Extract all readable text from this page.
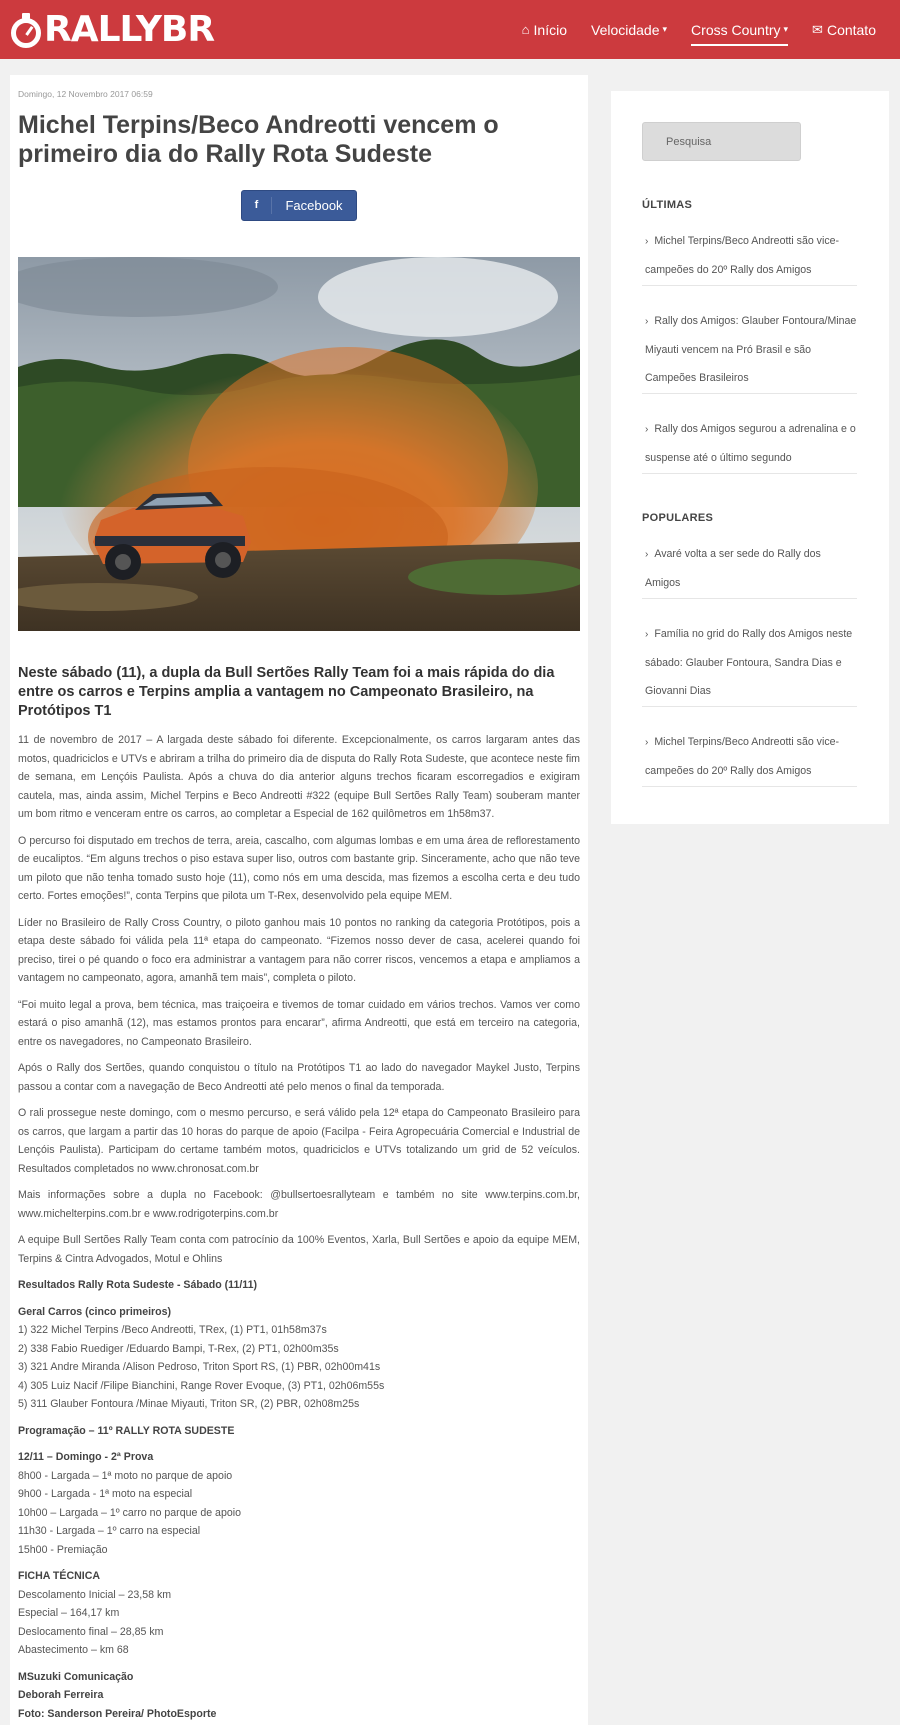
RALLYBR	⌂ Início Velocidade ▾ Cross Country ▾ ✉ Contato
Domingo, 12 Novembro 2017 06:59
Michel Terpins/Beco Andreotti vencem o primeiro dia do Rally Rota Sudeste
f	Facebook
Neste sábado (11), a dupla da Bull Sertões Rally Team foi a mais rápida do dia entre os carros e Terpins amplia a vantagem no Campeonato Brasileiro, na Protótipos T1

11 de novembro de 2017 – A largada deste sábado foi diferente. Excepcionalmente, os carros largaram antes das motos, quadriciclos e UTVs e abriram a trilha do primeiro dia de disputa do Rally Rota Sudeste, que acontece neste fim de semana, em Lençóis Paulista. Após a chuva do dia anterior alguns trechos ficaram escorregadios e exigiram cautela, mas, ainda assim, Michel Terpins e Beco Andreotti #322 (equipe Bull Sertões Rally Team) souberam manter um bom ritmo e venceram entre os carros, ao completar a Especial de 162 quilômetros em 1h58m37.

O percurso foi disputado em trechos de terra, areia, cascalho, com algumas lombas e em uma área de reflorestamento de eucaliptos. “Em alguns trechos o piso estava super liso, outros com bastante grip. Sinceramente, acho que não teve um piloto que não tenha tomado susto hoje (11), como nós em uma descida, mas fizemos a escolha certa e deu tudo certo. Fortes emoções!”, conta Terpins que pilota um T-Rex, desenvolvido pela equipe MEM.

Líder no Brasileiro de Rally Cross Country, o piloto ganhou mais 10 pontos no ranking da categoria Protótipos, pois a etapa deste sábado foi válida pela 11ª etapa do campeonato. “Fizemos nosso dever de casa, acelerei quando foi preciso, tirei o pé quando o foco era administrar a vantagem para não correr riscos, vencemos a etapa e ampliamos a vantagem no campeonato, agora, amanhã tem mais”, completa o piloto.

“Foi muito legal a prova, bem técnica, mas traiçoeira e tivemos de tomar cuidado em vários trechos. Vamos ver como estará o piso amanhã (12), mas estamos prontos para encarar”, afirma Andreotti, que está em terceiro na categoria, entre os navegadores, no Campeonato Brasileiro.

Após o Rally dos Sertões, quando conquistou o título na Protótipos T1 ao lado do navegador Maykel Justo, Terpins passou a contar com a navegação de Beco Andreotti até pelo menos o final da temporada.

O rali prossegue neste domingo, com o mesmo percurso, e será válido pela 12ª etapa do Campeonato Brasileiro para os carros, que largam a partir das 10 horas do parque de apoio (Facilpa - Feira Agropecuária Comercial e Industrial de Lençóis Paulista). Participam do certame também motos, quadriciclos e UTVs totalizando um grid de 52 veículos. Resultados completados no www.chronosat.com.br

Mais informações sobre a dupla no Facebook: @bullsertoesrallyteam e também no site www.terpins.com.br, www.michelterpins.com.br e www.rodrigoterpins.com.br

A equipe Bull Sertões Rally Team conta com patrocínio da 100% Eventos, Xarla, Bull Sertões e apoio da equipe MEM, Terpins & Cintra Advogados, Motul e Ohlins

Resultados Rally Rota Sudeste - Sábado (11/11)
Geral Carros (cinco primeiros)
1) 322 Michel Terpins /Beco Andreotti, TRex, (1) PT1, 01h58m37s
2) 338 Fabio Ruediger /Eduardo Bampi, T-Rex, (2) PT1, 02h00m35s
3) 321 Andre Miranda /Alison Pedroso, Triton Sport RS, (1) PBR, 02h00m41s
4) 305 Luiz Nacif /Filipe Bianchini, Range Rover Evoque, (3) PT1, 02h06m55s
5) 311 Glauber Fontoura /Minae Miyauti, Triton SR, (2) PBR, 02h08m25s
Programação – 11º RALLY ROTA SUDESTE
12/11 – Domingo - 2ª Prova
8h00 - Largada – 1ª moto no parque de apoio
9h00 - Largada - 1ª moto na especial
10h00 – Largada – 1º carro no parque de apoio
11h30 - Largada – 1º carro na especial
15h00 - Premiação
FICHA TÉCNICA
Descolamento Inicial – 23,58 km
Especial – 164,17 km
Deslocamento final – 28,85 km
Abastecimento – km 68
MSuzuki Comunicação
Deborah Ferreira
Foto: Sanderson Pereira/ PhotoEsporte
Pesquisa
ÚLTIMAS
› Michel Terpins/Beco Andreotti são vice-campeões do 20º Rally dos Amigos
› Rally dos Amigos: Glauber Fontoura/Minae Miyauti vencem na Pró Brasil e são Campeões Brasileiros
› Rally dos Amigos segurou a adrenalina e o suspense até o último segundo
POPULARES
› Avaré volta a ser sede do Rally dos Amigos
› Família no grid do Rally dos Amigos neste sábado: Glauber Fontoura, Sandra Dias e Giovanni Dias
› Michel Terpins/Beco Andreotti são vice-campeões do 20º Rally dos Amigos
